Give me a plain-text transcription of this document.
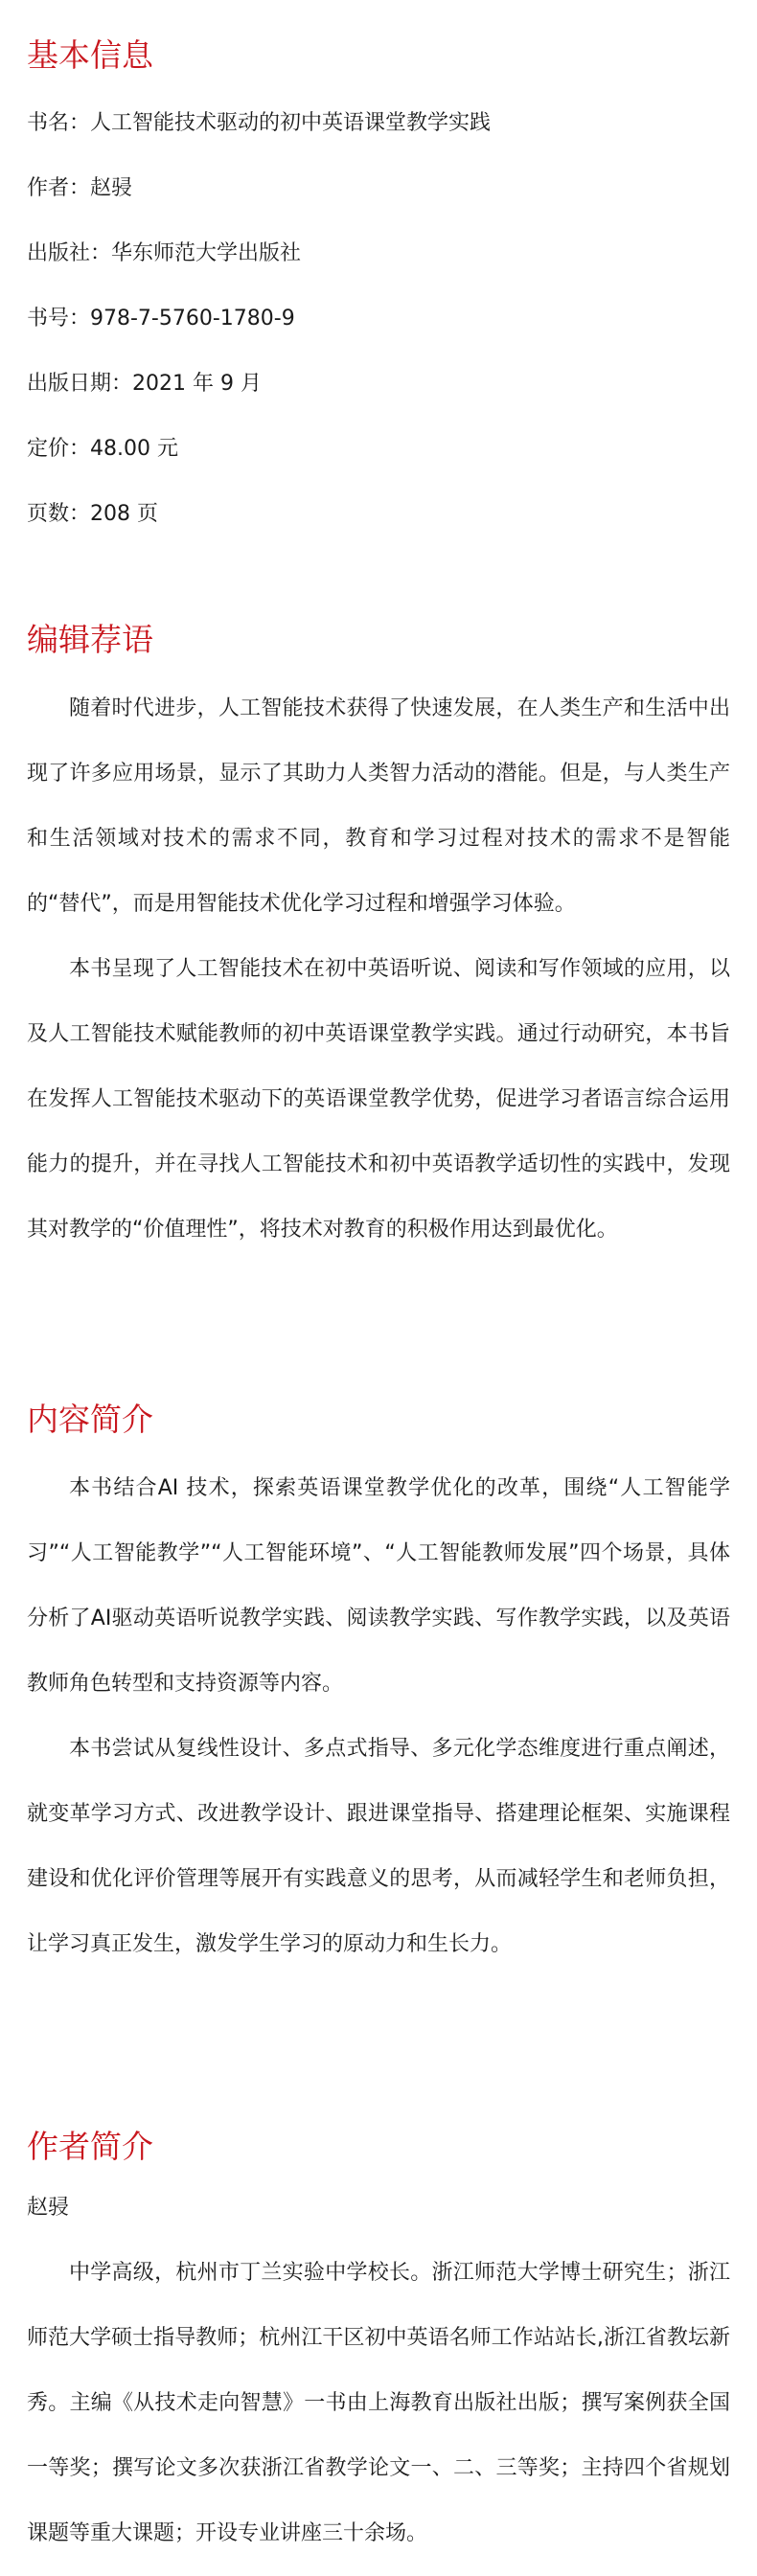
基本信息

书名：人工智能技术驱动的初中英语课堂教学实践

作者：赵骎

出版社：华东师范大学出版社

书号：978-7-5760-1780-9

出版日期：2021 年 9 月

定价：48.00 元

页数：208 页

编辑荐语

随着时代进步，人工智能技术获得了快速发展，在人类生产和生活中出现了许多应用场景，显示了其助力人类智力活动的潜能。但是，与人类生产和生活领域对技术的需求不同，教育和学习过程对技术的需求不是智能的“替代”，而是用智能技术优化学习过程和增强学习体验。

本书呈现了人工智能技术在初中英语听说、阅读和写作领域的应用，以及人工智能技术赋能教师的初中英语课堂教学实践。通过行动研究，本书旨在发挥人工智能技术驱动下的英语课堂教学优势，促进学习者语言综合运用能力的提升，并在寻找人工智能技术和初中英语教学适切性的实践中，发现其对教学的“价值理性”，将技术对教育的积极作用达到最优化。

内容简介

本书结合AI 技术，探索英语课堂教学优化的改革，围绕“人工智能学习”“人工智能教学”“人工智能环境”、“人工智能教师发展”四个场景，具体分析了AI驱动英语听说教学实践、阅读教学实践、写作教学实践，以及英语教师角色转型和支持资源等内容。

本书尝试从复线性设计、多点式指导、多元化学态维度进行重点阐述，就变革学习方式、改进教学设计、跟进课堂指导、搭建理论框架、实施课程建设和优化评价管理等展开有实践意义的思考，从而减轻学生和老师负担，让学习真正发生，激发学生学习的原动力和生长力。

作者简介

赵骎

中学高级，杭州市丁兰实验中学校长。浙江师范大学博士研究生；浙江师范大学硕士指导教师；杭州江干区初中英语名师工作站站长,浙江省教坛新秀。主编《从技术走向智慧》一书由上海教育出版社出版；撰写案例获全国一等奖；撰写论文多次获浙江省教学论文一、二、三等奖；主持四个省规划课题等重大课题；开设专业讲座三十余场。
